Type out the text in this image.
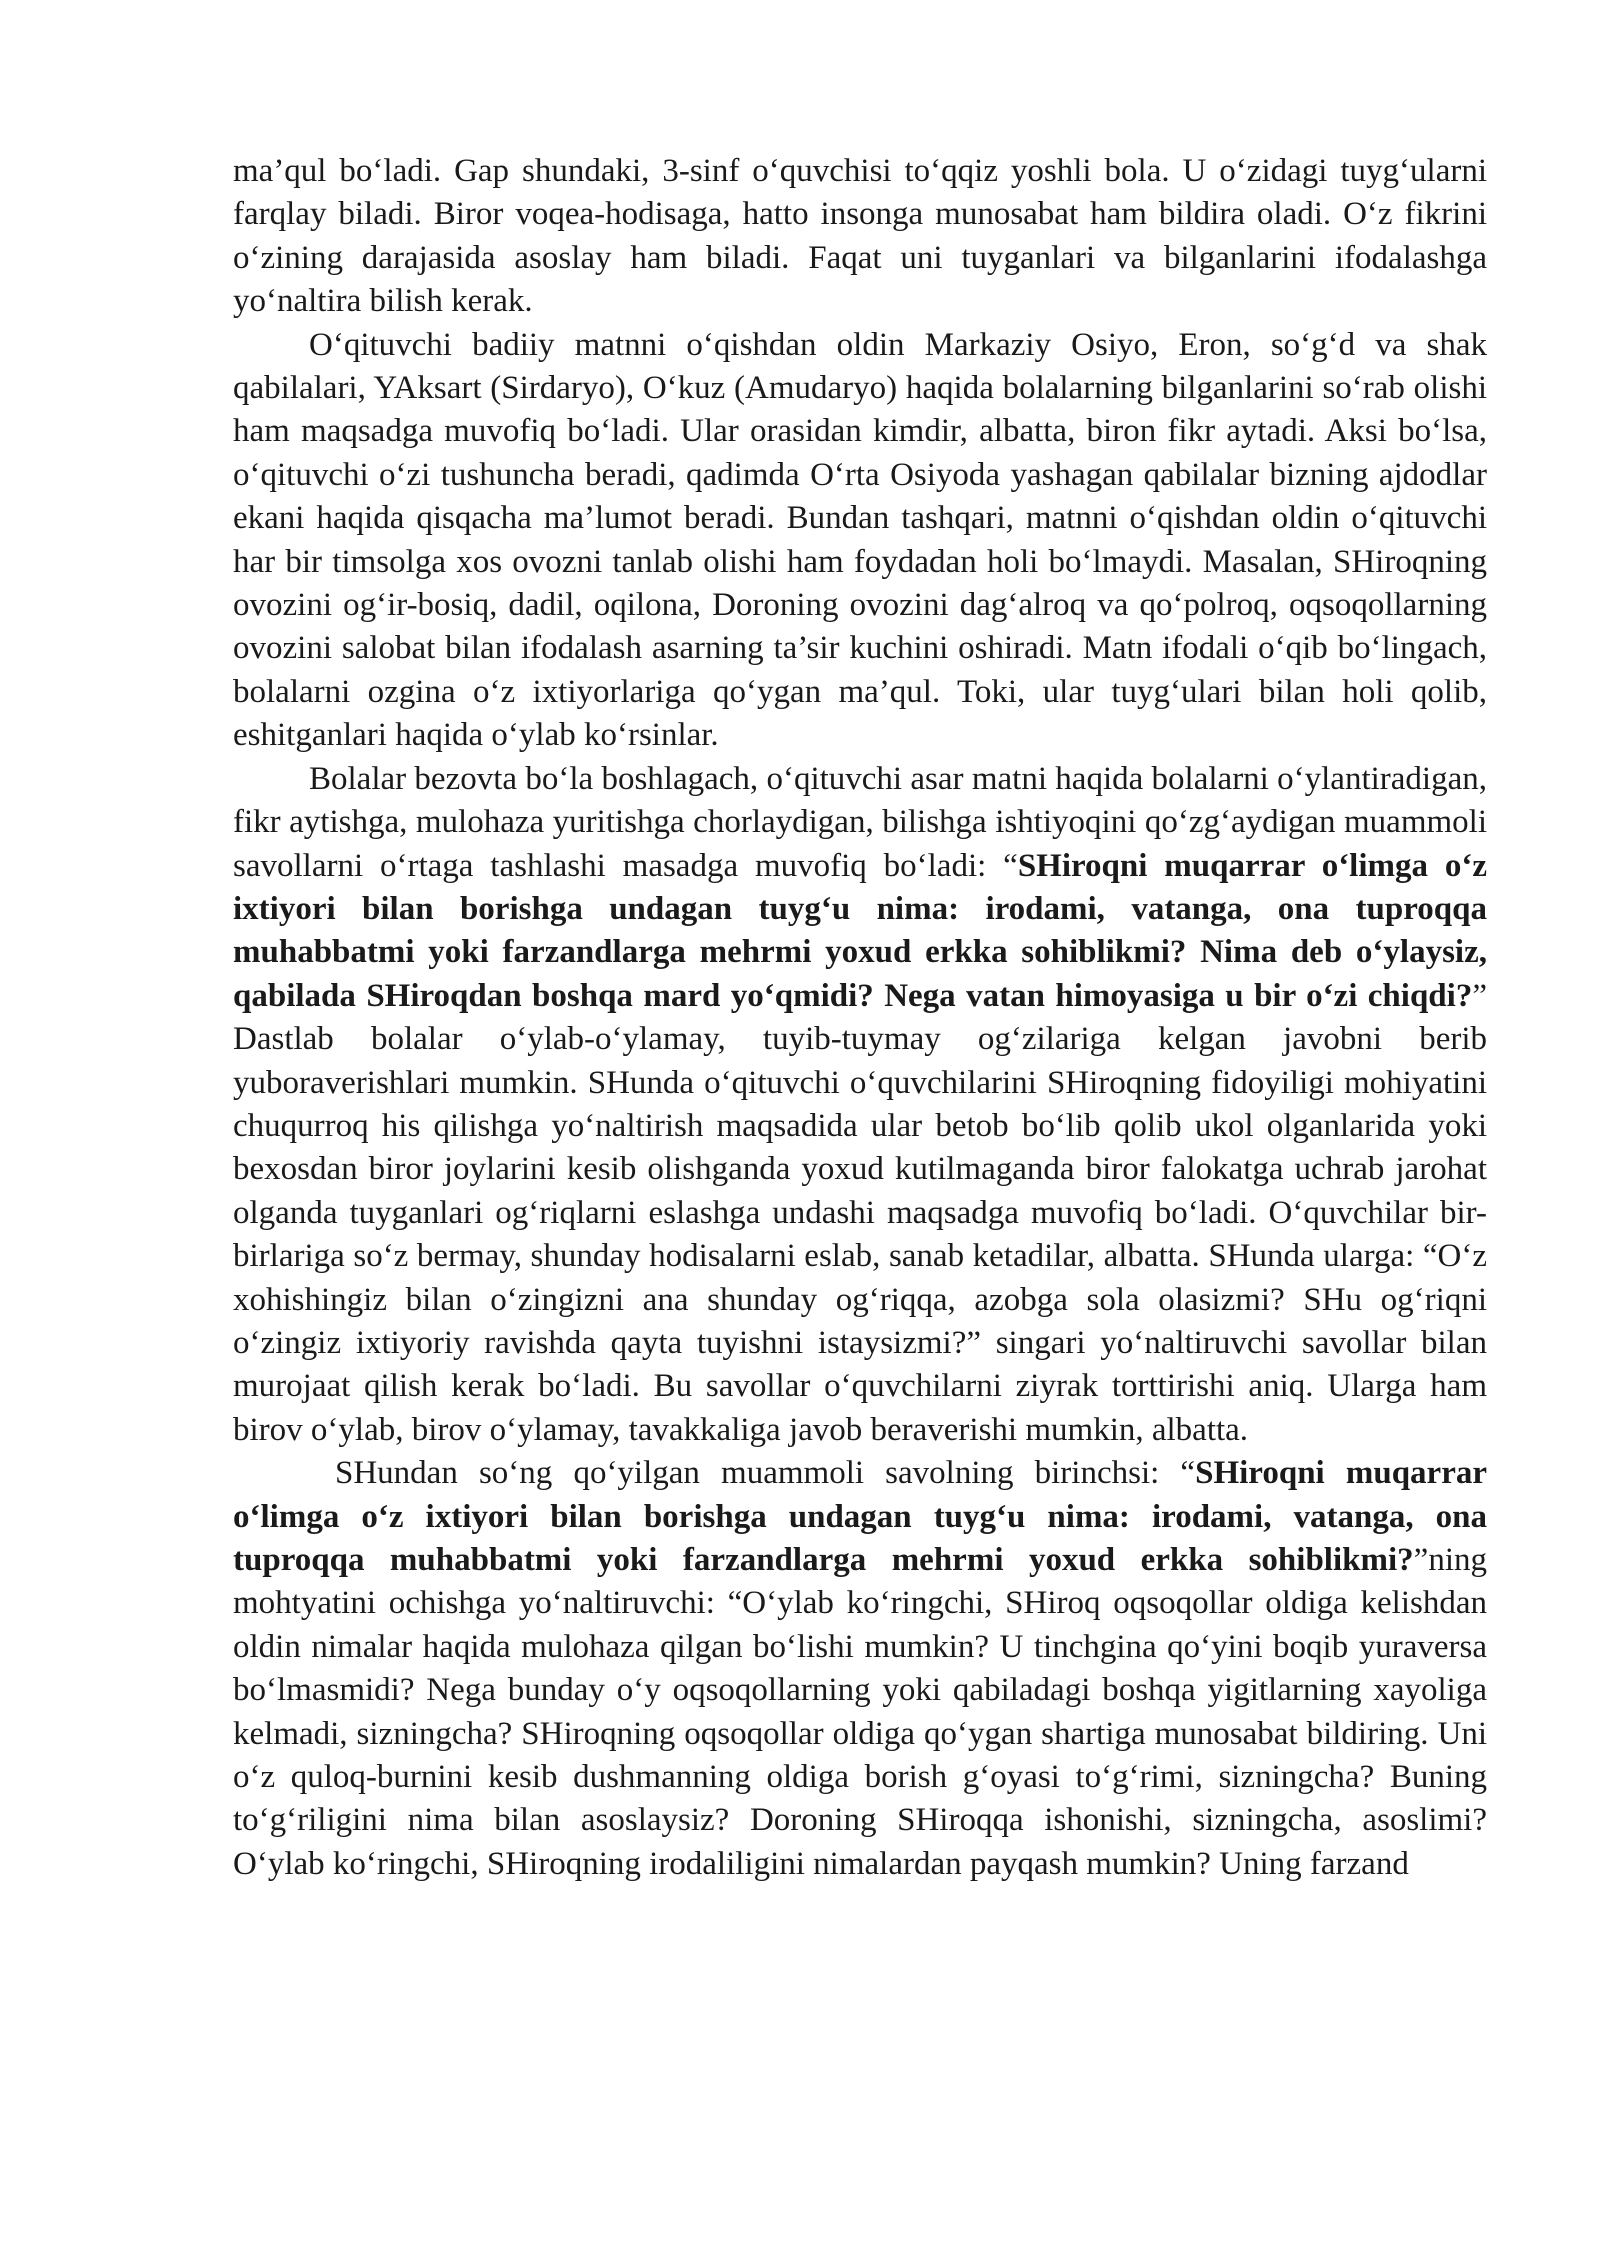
ma’qul bo‘ladi. Gap shundaki, 3-sinf o‘quvchisi to‘qqiz yoshli bola. U o‘zidagi tuyg‘ularni farqlay biladi. Biror voqea-hodisaga, hatto insonga munosabat ham bildira oladi. O‘z fikrini o‘zining darajasida asoslay ham biladi. Faqat uni tuyganlari va bilganlarini ifodalashga yo‘naltira bilish kerak.

O‘qituvchi badiiy matnni o‘qishdan oldin Markaziy Osiyo, Eron, so‘g‘d va shak qabilalari, YAksart (Sirdaryo), O‘kuz (Amudaryo) haqida bolalarning bilganlarini so‘rab olishi ham maqsadga muvofiq bo‘ladi. Ular orasidan kimdir, albatta, biron fikr aytadi. Aksi bo‘lsa, o‘qituvchi o‘zi tushuncha beradi, qadimda O‘rta Osiyoda yashagan qabilalar bizning ajdodlar ekani haqida qisqacha ma’lumot beradi. Bundan tashqari, matnni o‘qishdan oldin o‘qituvchi har bir timsolga xos ovozni tanlab olishi ham foydadan holi bo‘lmaydi. Masalan, SHiroqning ovozini og‘ir-bosiq, dadil, oqilona, Doroning ovozini dag‘alroq va qo‘polroq, oqsoqollarning ovozini salobat bilan ifodalash asarning ta’sir kuchini oshiradi. Matn ifodali o‘qib bo‘lingach, bolalarni ozgina o‘z ixtiyorlariga qo‘ygan ma’qul. Toki, ular tuyg‘ulari bilan holi qolib, eshitganlari haqida o‘ylab ko‘rsinlar.

Bolalar bezovta bo‘la boshlagach, o‘qituvchi asar matni haqida bolalarni o‘ylantiradigan, fikr aytishga, mulohaza yuritishga chorlaydigan, bilishga ishtiyoqini qo‘zg‘aydigan muammoli savollarni o‘rtaga tashlashi masadga muvofiq bo‘ladi: “SHiroqni muqarrar o‘limga o‘z ixtiyori bilan borishga undagan tuyg‘u nima: irodami, vatanga, ona tuproqqa muhabbatmi yoki farzandlarga mehrmi yoxud erkka sohiblikmi? Nima deb o‘ylaysiz, qabilada SHiroqdan boshqa mard yo‘qmidi? Nega vatan himoyasiga u bir o‘zi chiqdi?” Dastlab bolalar o‘ylab-o‘ylamay, tuyib-tuymay og‘zilariga kelgan javobni berib yuboraverishlari mumkin. SHunda o‘qituvchi o‘quvchilarini SHiroqning fidoyiligi mohiyatini chuqurroq his qilishga yo‘naltirish maqsadida ular betob bo‘lib qolib ukol olganlarida yoki bexosdan biror joylarini kesib olishganda yoxud kutilmaganda biror falokatga uchrab jarohat olganda tuyganlari og‘riqlarni eslashga undashi maqsadga muvofiq bo‘ladi. O‘quvchilar bir-birlariga so‘z bermay, shunday hodisalarni eslab, sanab ketadilar, albatta. SHunda ularga: “O‘z xohishingiz bilan o‘zingizni ana shunday og‘riqqa, azobga sola olasizmi? SHu og‘riqni o‘zingiz ixtiyoriy ravishda qayta tuyishni istaysizmi?” singari yo‘naltiruvchi savollar bilan murojaat qilish kerak bo‘ladi. Bu savollar o‘quvchilarni ziyrak torttirishi aniq. Ularga ham birov o‘ylab, birov o‘ylamay, tavakkaliga javob beraverishi mumkin, albatta.

SHundan so‘ng qo‘yilgan muammoli savolning birinchsi: “SHiroqni muqarrar o‘limga o‘z ixtiyori bilan borishga undagan tuyg‘u nima: irodami, vatanga, ona tuproqqa muhabbatmi yoki farzandlarga mehrmi yoxud erkka sohiblikmi?”ning mohtyatini ochishga yo‘naltiruvchi: “O‘ylab ko‘ringchi, SHiroq oqsoqollar oldiga kelishdan oldin nimalar haqida mulohaza qilgan bo‘lishi mumkin? U tinchgina qo‘yini boqib yuraversa bo‘lmasmidi? Nega bunday o‘y oqsoqollarning yoki qabiladagi boshqa yigitlarning xayoliga kelmadi, sizningcha? SHiroqning oqsoqollar oldiga qo‘ygan shartiga munosabat bildiring. Uni o‘z quloq-burnini kesib dushmanning oldiga borish g‘oyasi to‘g‘rimi, sizningcha? Buning to‘g‘riligini nima bilan asoslaysiz? Doroning SHiroqqa ishonishi, sizningcha, asoslimi? O‘ylab ko‘ringchi, SHiroqning irodaliligini nimalardan payqash mumkin? Uning farzand
